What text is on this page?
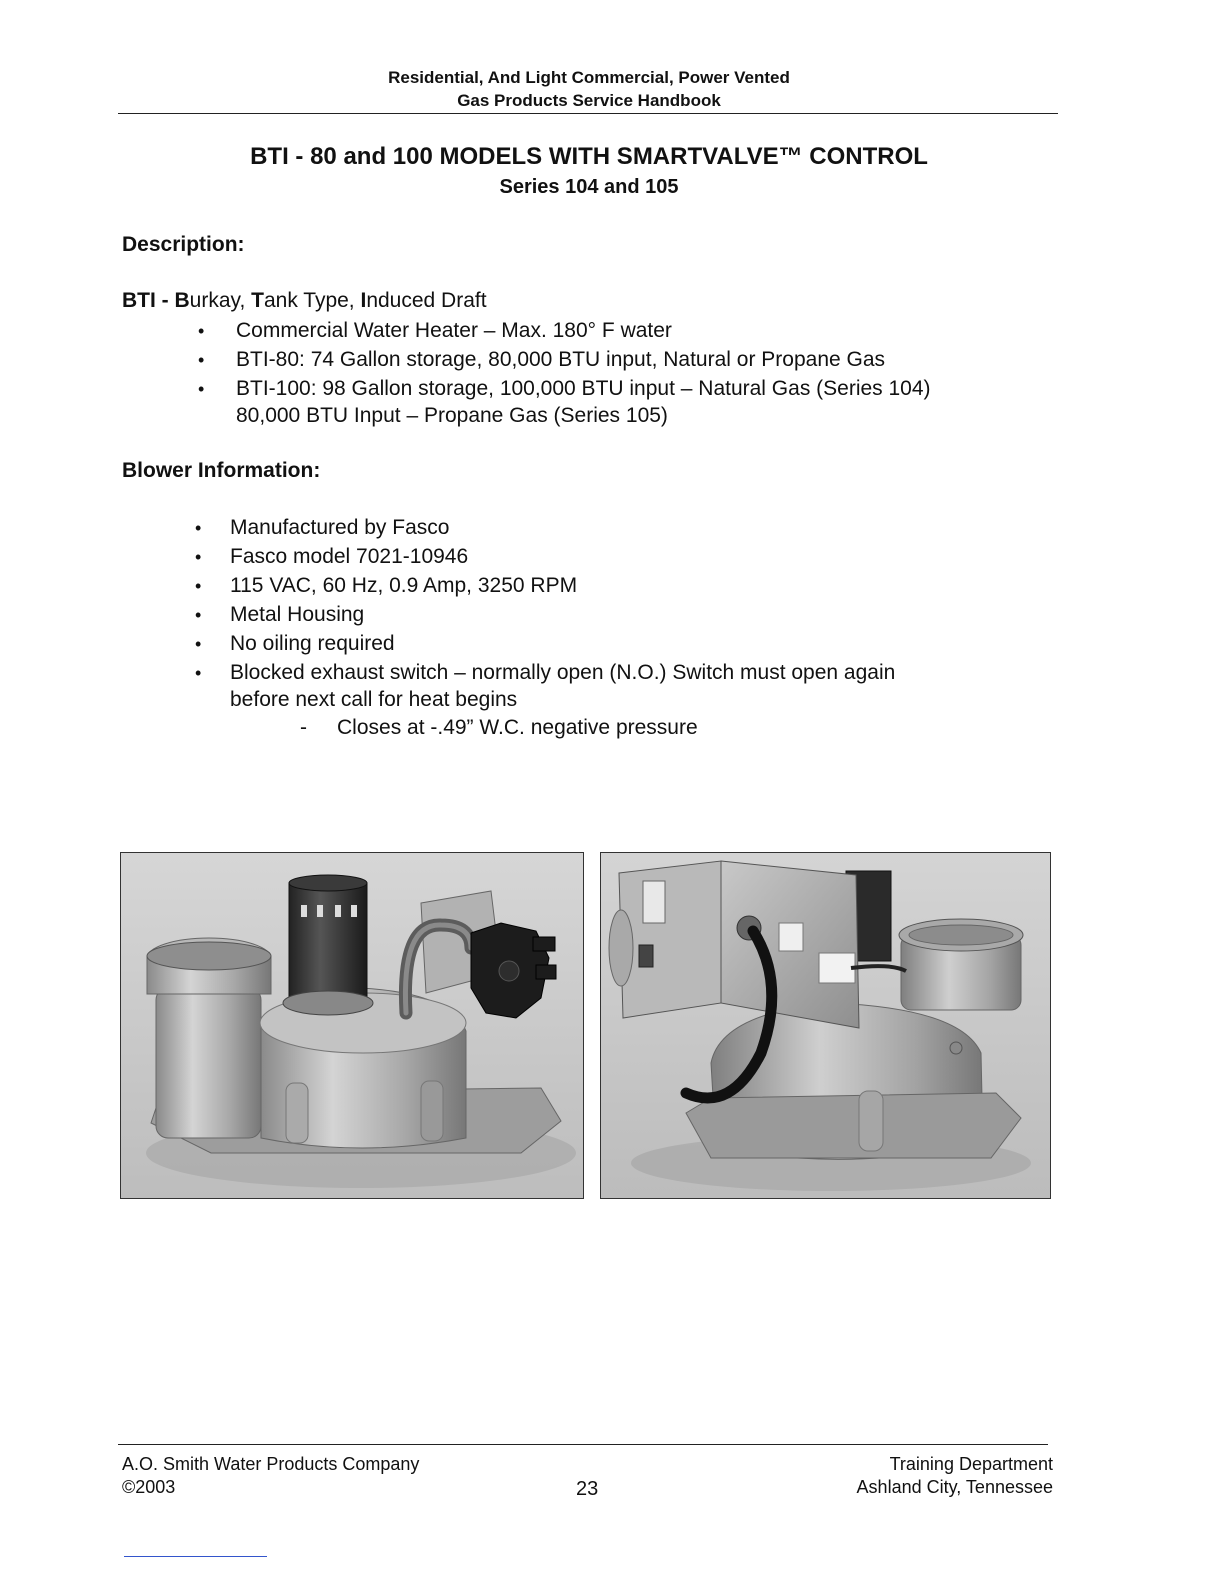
Residential, And Light Commercial, Power Vented
Gas Products Service Handbook
BTI - 80 and 100 MODELS WITH SMARTVALVE™ CONTROL
Series 104 and 105
Description:
BTI - Burkay, Tank Type, Induced Draft
• Commercial Water Heater – Max. 180° F water
• BTI-80: 74 Gallon storage, 80,000 BTU input, Natural or Propane Gas
• BTI-100: 98 Gallon storage, 100,000 BTU input – Natural Gas (Series 104)
80,000 BTU Input – Propane Gas (Series 105)
Blower Information:
• Manufactured by Fasco
• Fasco model 7021-10946
• 115 VAC, 60 Hz, 0.9 Amp, 3250 RPM
• Metal Housing
• No oiling required
• Blocked exhaust switch – normally open (N.O.) Switch must open again
before next call for heat begins
- Closes at -.49” W.C. negative pressure
A.O. Smith Water Products Company
©2003	23
Training Department
Ashland City, Tennessee
